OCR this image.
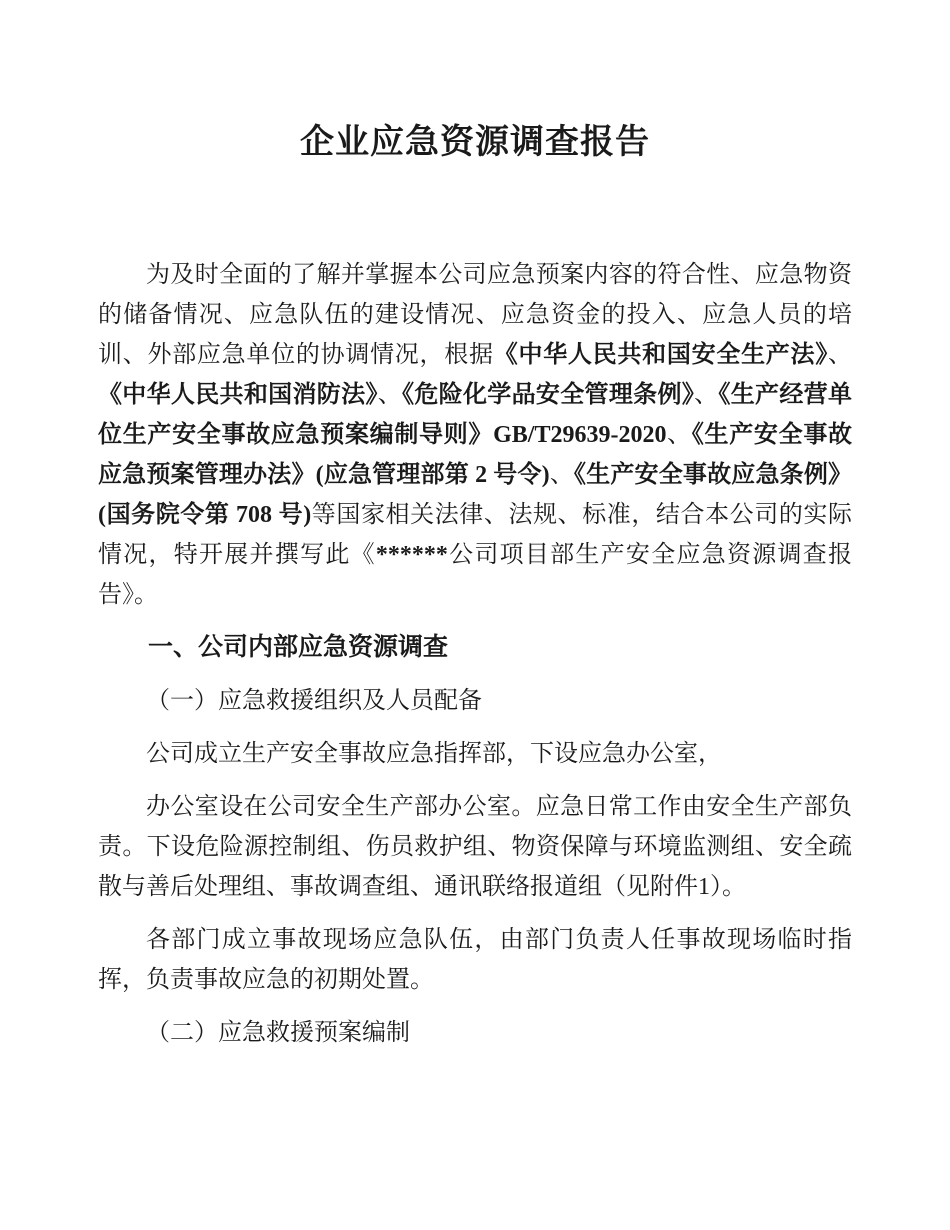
企业应急资源调查报告

为及时全面的了解并掌握本公司应急预案内容的符合性、应急物资的储备情况、应急队伍的建设情况、应急资金的投入、应急人员的培训、外部应急单位的协调情况，根据《中华人民共和国安全生产法》、《中华人民共和国消防法》、《危险化学品安全管理条例》、《生产经营单位生产安全事故应急预案编制导则》GB/T29639-2020、《生产安全事故应急预案管理办法》(应急管理部第 2 号令)、《生产安全事故应急条例》(国务院令第 708 号)等国家相关法律、法规、标准，结合本公司的实际情况，特开展并撰写此《******公司项目部生产安全应急资源调查报告》。

一、公司内部应急资源调查

（一）应急救援组织及人员配备

公司成立生产安全事故应急指挥部，下设应急办公室，

办公室设在公司安全生产部办公室。应急日常工作由安全生产部负责。下设危险源控制组、伤员救护组、物资保障与环境监测组、安全疏散与善后处理组、事故调查组、通讯联络报道组（见附件1）。

各部门成立事故现场应急队伍，由部门负责人任事故现场临时指挥，负责事故应急的初期处置。

（二）应急救援预案编制
